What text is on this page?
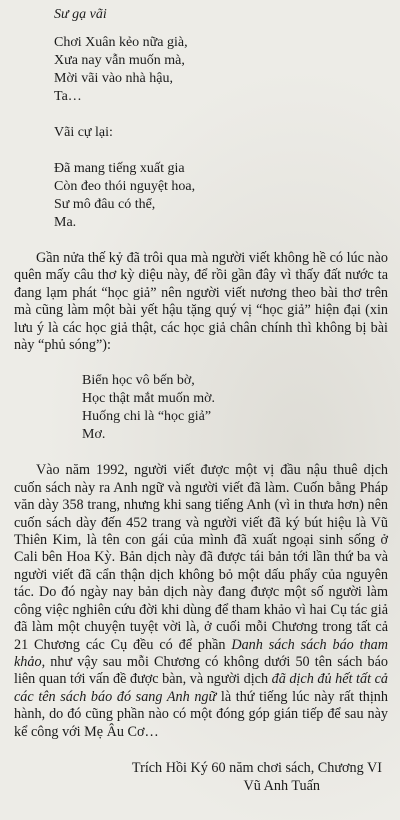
Sư gạ vãi
Chơi Xuân kẻo nữa già,
Xưa nay vẫn muốn mà,
Mời vãi vào nhà hậu,
Ta…
Vãi cự lại:
Đã mang tiếng xuất gia
Còn đeo thói nguyệt hoa,
Sư mô đâu có thể,
Ma.

Gần nửa thế kỷ đã trôi qua mà người viết không hề có lúc nào quên mấy câu thơ kỳ diệu này, để rồi gần đây vì thấy đất nước ta đang lạm phát “học giả” nên người viết nương theo bài thơ trên mà cũng làm một bài yết hậu tặng quý vị “học giả” hiện đại (xin lưu ý là các học giả thật, các học giả chân chính thì không bị bài này “phủ sóng”):

Biển học vô bến bờ,
Học thật mắt muốn mờ.
Huống chi là “học giả”
Mơ.

Vào năm 1992, người viết được một vị đầu nậu thuê dịch cuốn sách này ra Anh ngữ và người viết đã làm. Cuốn bằng Pháp văn dày 358 trang, nhưng khi sang tiếng Anh (vì in thưa hơn) nên cuốn sách dày đến 452 trang và người viết đã ký bút hiệu là Vũ Thiên Kim, là tên con gái của mình đã xuất ngoại sinh sống ở Cali bên Hoa Kỳ. Bản dịch này đã được tái bản tới lần thứ ba và người viết đã cẩn thận dịch không bỏ một dấu phẩy của nguyên tác. Do đó ngày nay bản dịch này đang được một số người làm công việc nghiên cứu đời khi dùng để tham khảo vì hai Cụ tác giả đã làm một chuyện tuyệt vời là, ở cuối mỗi Chương trong tất cả 21 Chương các Cụ đều có để phần Danh sách sách báo tham khảo, như vậy sau mỗi Chương có không dưới 50 tên sách báo liên quan tới vấn đề được bàn, và người dịch đã dịch đủ hết tất cả các tên sách báo đó sang Anh ngữ là thứ tiếng lúc này rất thịnh hành, do đó cũng phần nào có một đóng góp gián tiếp để sau này kể công với Mẹ Âu Cơ…

Trích Hồi Ký 60 năm chơi sách, Chương VI
Vũ Anh Tuấn
